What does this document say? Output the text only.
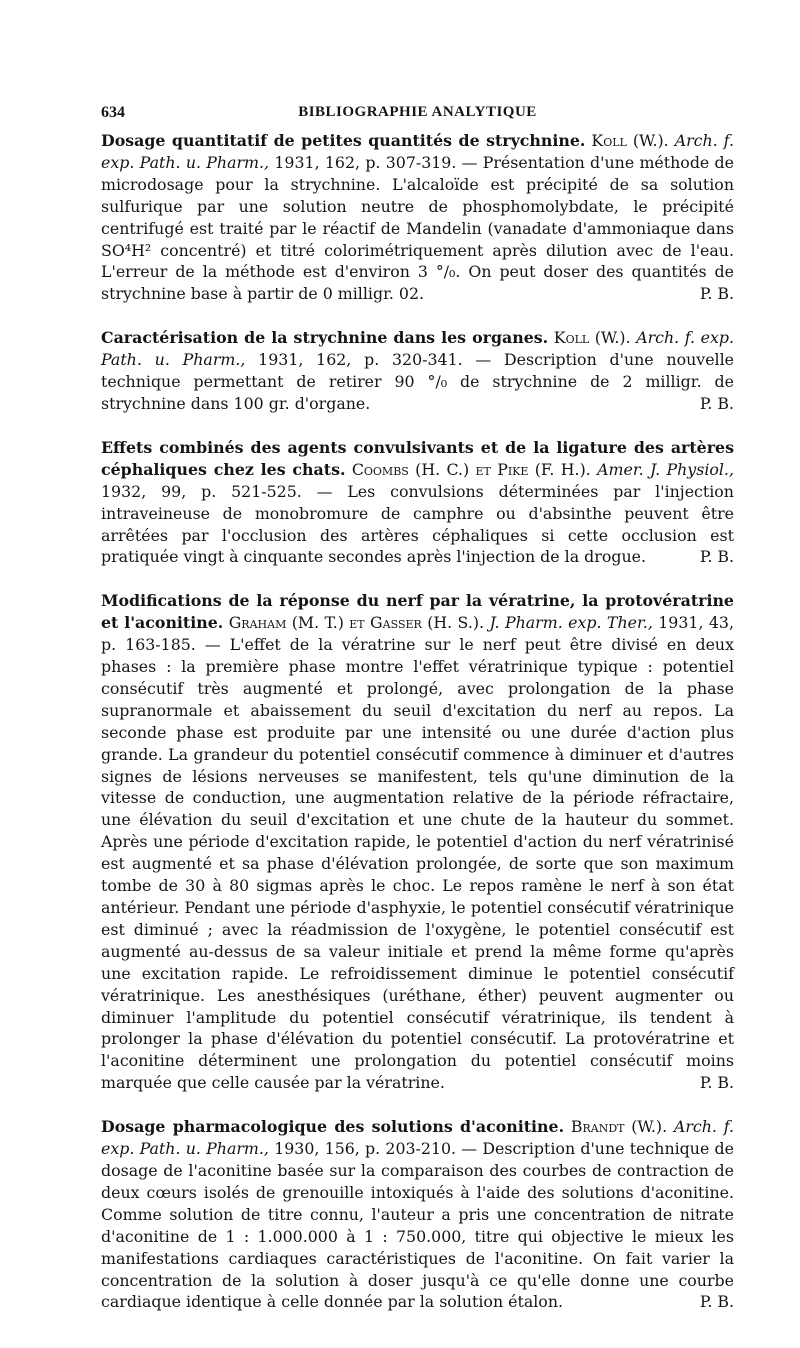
634	BIBLIOGRAPHIE ANALYTIQUE

Dosage quantitatif de petites quantités de strychnine. Koll (W.). Arch. f. exp. Path. u. Pharm., 1931, 162, p. 307-319. — Présentation d'une méthode de microdosage pour la strychnine. L'alcaloïde est précipité de sa solution sulfurique par une solution neutre de phosphomolybdate, le précipité centrifugé est traité par le réactif de Mandelin (vanadate d'ammoniaque dans SO⁴H² concentré) et titré colorimétriquement après dilution avec de l'eau. L'erreur de la méthode est d'environ 3 °/₀. On peut doser des quantités de strychnine base à partir de 0 milligr. 02.	P. B.

Caractérisation de la strychnine dans les organes. Koll (W.). Arch. f. exp. Path. u. Pharm., 1931, 162, p. 320-341. — Description d'une nouvelle technique permettant de retirer 90 °/₀ de strychnine de 2 milligr. de strychnine dans 100 gr. d'organe.	P. B.

Effets combinés des agents convulsivants et de la ligature des artères céphaliques chez les chats. Coombs (H. C.) et Pike (F. H.). Amer. J. Physiol., 1932, 99, p. 521-525. — Les convulsions déterminées par l'injection intraveineuse de monobromure de camphre ou d'absinthe peuvent être arrêtées par l'occlusion des artères céphaliques si cette occlusion est pratiquée vingt à cinquante secondes après l'injection de la drogue.	P. B.

Modifications de la réponse du nerf par la vératrine, la protovératrine et l'aconitine. Graham (M. T.) et Gasser (H. S.). J. Pharm. exp. Ther., 1931, 43, p. 163-185. — L'effet de la vératrine sur le nerf peut être divisé en deux phases : la première phase montre l'effet vératrinique typique : potentiel consécutif très augmenté et prolongé, avec prolongation de la phase supranormale et abaissement du seuil d'excitation du nerf au repos. La seconde phase est produite par une intensité ou une durée d'action plus grande. La grandeur du potentiel consécutif commence à diminuer et d'autres signes de lésions nerveuses se manifestent, tels qu'une diminution de la vitesse de conduction, une augmentation relative de la période réfractaire, une élévation du seuil d'excitation et une chute de la hauteur du sommet. Après une période d'excitation rapide, le potentiel d'action du nerf vératrinisé est augmenté et sa phase d'élévation prolongée, de sorte que son maximum tombe de 30 à 80 sigmas après le choc. Le repos ramène le nerf à son état antérieur. Pendant une période d'asphyxie, le potentiel consécutif vératrinique est diminué ; avec la réadmission de l'oxygène, le potentiel consécutif est augmenté au-dessus de sa valeur initiale et prend la même forme qu'après une excitation rapide. Le refroidissement diminue le potentiel consécutif vératrinique. Les anesthésiques (uréthane, éther) peuvent augmenter ou diminuer l'amplitude du potentiel consécutif vératrinique, ils tendent à prolonger la phase d'élévation du potentiel consécutif. La protovératrine et l'aconitine déterminent une prolongation du potentiel consécutif moins marquée que celle causée par la vératrine.	P. B.

Dosage pharmacologique des solutions d'aconitine. Brandt (W.). Arch. f. exp. Path. u. Pharm., 1930, 156, p. 203-210. — Description d'une technique de dosage de l'aconitine basée sur la comparaison des courbes de contraction de deux cœurs isolés de grenouille intoxiqués à l'aide des solutions d'aconitine. Comme solution de titre connu, l'auteur a pris une concentration de nitrate d'aconitine de 1 : 1.000.000 à 1 : 750.000, titre qui objective le mieux les manifestations cardiaques caractéristiques de l'aconitine. On fait varier la concentration de la solution à doser jusqu'à ce qu'elle donne une courbe cardiaque identique à celle donnée par la solution étalon.	P. B.
